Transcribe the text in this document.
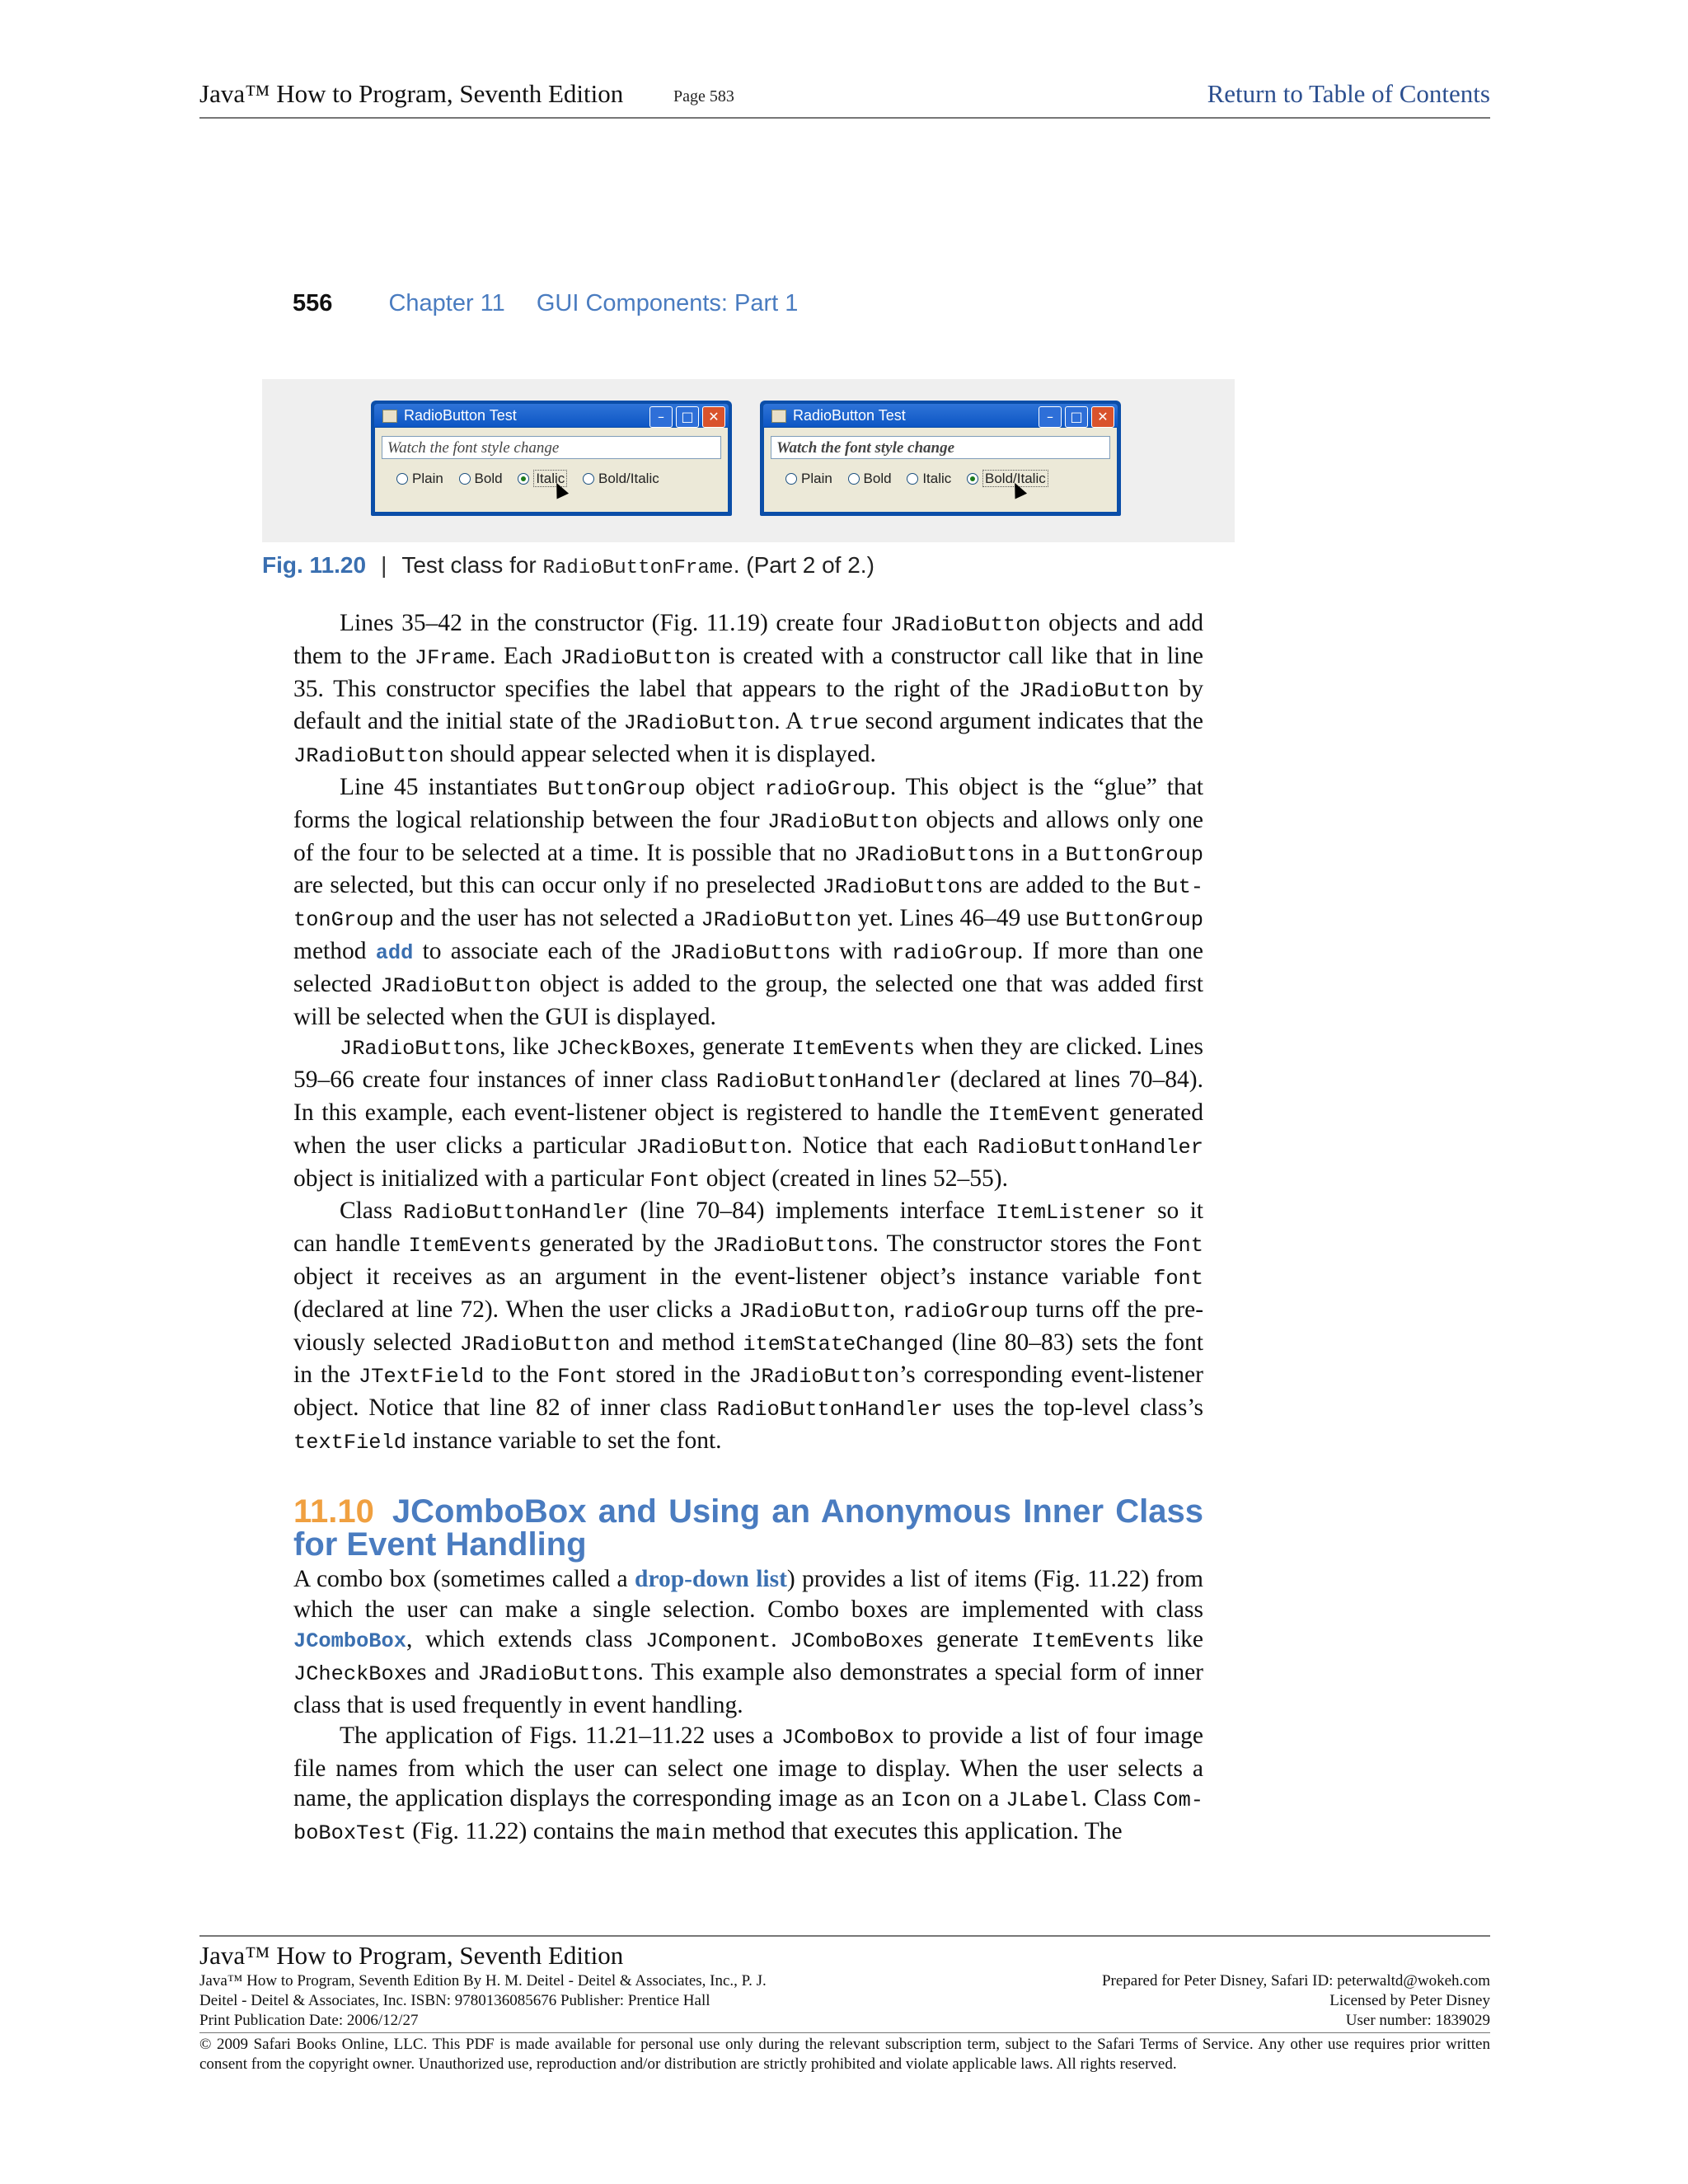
Java™ How to Program, Seventh Edition	Page 583	Return to Table of Contents
556 Chapter 11 GUI Components: Part 1
RadioButton Test	–	□	✕
Watch the font style change
Plain Bold Italic Bold/Italic
RadioButton Test	–	□	✕
Watch the font style change
Plain Bold Italic Bold/Italic
Fig. 11.20 | Test class for RadioButtonFrame. (Part 2 of 2.)

Lines 35–42 in the constructor (Fig. 11.19) create four JRadioButton objects and add them to the JFrame. Each JRadioButton is created with a constructor call like that in line 35. This constructor specifies the label that appears to the right of the JRadioButton by default and the initial state of the JRadioButton. A true second argument indicates that the JRadioButton should appear selected when it is displayed.

Line 45 instantiates ButtonGroup object radioGroup. This object is the “glue” that forms the logical relationship between the four JRadioButton objects and allows only one of the four to be selected at a time. It is possible that no JRadioButtons in a ButtonGroup are selected, but this can occur only if no preselected JRadioButtons are added to the But-tonGroup and the user has not selected a JRadioButton yet. Lines 46–49 use ButtonGroup method add to associate each of the JRadioButtons with radioGroup. If more than one selected JRadioButton object is added to the group, the selected one that was added first will be selected when the GUI is displayed.

JRadioButtons, like JCheckBoxes, generate ItemEvents when they are clicked. Lines 59–66 create four instances of inner class RadioButtonHandler (declared at lines 70–84). In this example, each event-listener object is registered to handle the ItemEvent generated when the user clicks a particular JRadioButton. Notice that each RadioButtonHandler object is initialized with a particular Font object (created in lines 52–55).

Class RadioButtonHandler (line 70–84) implements interface ItemListener so it can handle ItemEvents generated by the JRadioButtons. The constructor stores the Font object it receives as an argument in the event-listener object’s instance variable font (declared at line 72). When the user clicks a JRadioButton, radioGroup turns off the pre-viously selected JRadioButton and method itemStateChanged (line 80–83) sets the font in the JTextField to the Font stored in the JRadioButton’s corresponding event-listener object. Notice that line 82 of inner class RadioButtonHandler uses the top-level class’s textField instance variable to set the font.

11.10 JComboBox and Using an Anonymous Inner Class for Event Handling

A combo box (sometimes called a drop-down list) provides a list of items (Fig. 11.22) from which the user can make a single selection. Combo boxes are implemented with class JComboBox, which extends class JComponent. JComboBoxes generate ItemEvents like JCheckBoxes and JRadioButtons. This example also demonstrates a special form of inner class that is used frequently in event handling.

The application of Figs. 11.21–11.22 uses a JComboBox to provide a list of four image file names from which the user can select one image to display. When the user selects a name, the application displays the corresponding image as an Icon on a JLabel. Class Com-boBoxTest (Fig. 11.22) contains the main method that executes this application. The

Java™ How to Program, Seventh Edition
Java™ How to Program, Seventh Edition By H. M. Deitel - Deitel & Associates, Inc., P. J.	Prepared for Peter Disney, Safari ID: peterwaltd@wokeh.com
Deitel - Deitel & Associates, Inc. ISBN: 9780136085676 Publisher: Prentice Hall	Licensed by Peter Disney
Print Publication Date: 2006/12/27	User number: 1839029
© 2009 Safari Books Online, LLC. This PDF is made available for personal use only during the relevant subscription term, subject to the Safari Terms of Service. Any other use requires prior written consent from the copyright owner. Unauthorized use, reproduction and/or distribution are strictly prohibited and violate applicable laws. All rights reserved.
